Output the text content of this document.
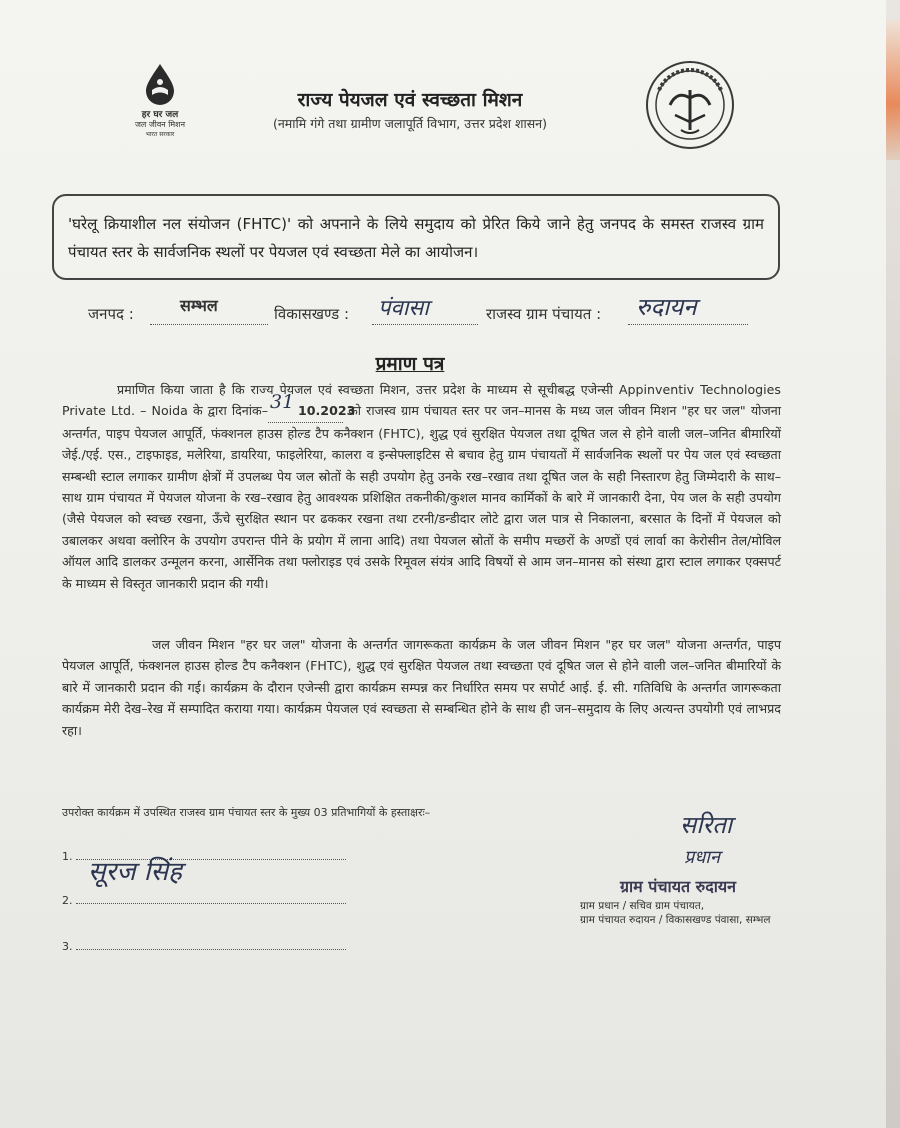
हर घर जल
जल जीवन मिशन
भारत सरकार
राज्य पेयजल एवं स्वच्छता मिशन
(नमामि गंगे तथा ग्रामीण जलापूर्ति विभाग, उत्तर प्रदेश शासन)
'घरेलू क्रियाशील नल संयोजन (FHTC)' को अपनाने के लिये समुदाय को प्रेरित किये जाने हेतु जनपद के समस्त राजस्व ग्राम पंचायत स्तर के सार्वजनिक स्थलों पर पेयजल एवं स्वच्छता मेले का आयोजन।
जनपद :	सम्भल	विकासखण्ड : पंवासा	राजस्व ग्राम पंचायत : रुदायन
प्रमाण पत्र
प्रमाणित किया जाता है कि राज्य पेयजल एवं स्वच्छता मिशन, उत्तर प्रदेश के माध्यम से सूचीबद्ध एजेन्सी Appinventiv Technologies Private Ltd. – Noida के द्वारा दिनांक– 31 10.2023 को राजस्व ग्राम पंचायत स्तर पर जन–मानस के मध्य जल जीवन मिशन "हर घर जल" योजना अन्तर्गत, पाइप पेयजल आपूर्ति, फंक्शनल हाउस होल्ड टैप कनैक्शन (FHTC), शुद्ध एवं सुरक्षित पेयजल तथा दूषित जल से होने वाली जल–जनित बीमारियों जेई./एई. एस., टाइफाइड, मलेरिया, डायरिया, फाइलेरिया, कालरा व इन्सेफ्लाइटिस से बचाव हेतु ग्राम पंचायतों में सार्वजनिक स्थलों पर पेय जल एवं स्वच्छता सम्बन्धी स्टाल लगाकर ग्रामीण क्षेत्रों में उपलब्ध पेय जल स्रोतों के सही उपयोग हेतु उनके रख–रखाव तथा दूषित जल के सही निस्तारण हेतु जिम्मेदारी के साथ–साथ ग्राम पंचायत में पेयजल योजना के रख–रखाव हेतु आवश्यक प्रशिक्षित तकनीकी/कुशल मानव कार्मिकों के बारे में जानकारी देना, पेय जल के सही उपयोग (जैसे पेयजल को स्वच्छ रखना, ऊँचे सुरक्षित स्थान पर ढककर रखना तथा टरनी/डन्डीदार लोटे द्वारा जल पात्र से निकालना, बरसात के दिनों में पेयजल को उबालकर अथवा क्लोरिन के उपयोग उपरान्त पीने के प्रयोग में लाना आदि) तथा पेयजल स्रोतों के समीप मच्छरों के अण्डों एवं लार्वा का केरोसीन तेल/मोविल ऑयल आदि डालकर उन्मूलन करना, आर्सेनिक तथा फ्लोराइड एवं उसके रिमूवल संयंत्र आदि विषयों से आम जन–मानस को संस्था द्वारा स्टाल लगाकर एक्सपर्ट के माध्यम से विस्तृत जानकारी प्रदान की गयी।
जल जीवन मिशन "हर घर जल" योजना के अन्तर्गत जागरूकता कार्यक्रम के जल जीवन मिशन "हर घर जल" योजना अन्तर्गत, पाइप पेयजल आपूर्ति, फंक्शनल हाउस होल्ड टैप कनैक्शन (FHTC), शुद्ध एवं सुरक्षित पेयजल तथा स्वच्छता एवं दूषित जल से होने वाली जल–जनित बीमारियों के बारे में जानकारी प्रदान की गई। कार्यक्रम के दौरान एजेन्सी द्वारा कार्यक्रम सम्पन्न कर निर्धारित समय पर सपोर्ट आई. ई. सी. गतिविधि के अन्तर्गत जागरूकता कार्यक्रम मेरी देख–रेख में सम्पादित कराया गया। कार्यक्रम पेयजल एवं स्वच्छता से सम्बन्धित होने के साथ ही जन–समुदाय के लिए अत्यन्त उपयोगी एवं लाभप्रद रहा।
उपरोक्त कार्यक्रम में उपस्थित राजस्व ग्राम पंचायत स्तर के मुख्य 03 प्रतिभागियों के हस्ताक्षरः–
1.
सूरज सिंह
2.
3.
सरिता
प्रधान
ग्राम पंचायत रुदायन
ग्राम प्रधान / सचिव ग्राम पंचायत,
ग्राम पंचायत रुदायन / विकासखण्ड पंवासा, सम्भल
